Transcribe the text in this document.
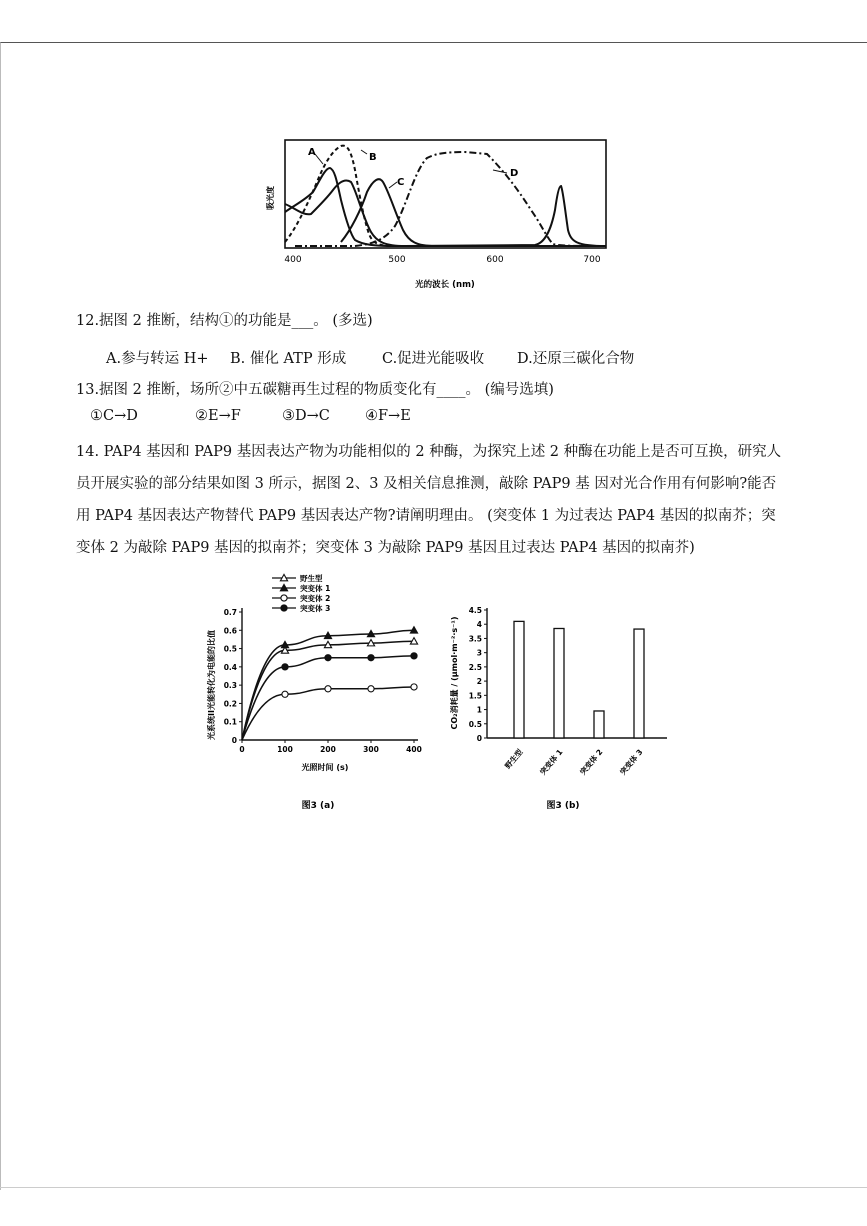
吸光度
A	B
C
D
400	500	600	700
光的波长 (nm)
12.据图 2 推断，结构①的功能是___。 (多选)
A.参与转运 H+ B. 催化 ATP 形成 C.促进光能吸收 D.还原三碳化合物
13.据图 2 推断，场所②中五碳糖再生过程的物质变化有____。 (编号选填)
①C→D	②E→F	③D→C ④F→E
14. PAP4 基因和 PAP9 基因表达产物为功能相似的 2 种酶，为探究上述 2 种酶在功能上是否可互换，研究人
员开展实验的部分结果如图 3 所示，据图 2、3 及相关信息推测，敲除 PAP9 基 因对光合作用有何影响?能否
用 PAP4 基因表达产物替代 PAP9 基因表达产物?请阐明理由。 (突变体 1 为过表达 PAP4 基因的拟南芥；突
变体 2 为敲除 PAP9 基因的拟南芥；突变体 3 为敲除 PAP9 基因且过表达 PAP4 基因的拟南芥)
野生型
突变体 1
突变体 2
突变体 3
光系统II光能转化为电能的比值
0
0.1
0.2
0.3
0.4
0.5
0.6
0.7
0	100	200	300	400
光照时间 (s)
图3 (a)
CO₂消耗量 / (μmol·m⁻²·s⁻¹)
0
0.5
1
1.5
2
2.5
3
3.5
4
4.5
野生型 突变体 1 突变体 2 突变体 3
图3 (b)
